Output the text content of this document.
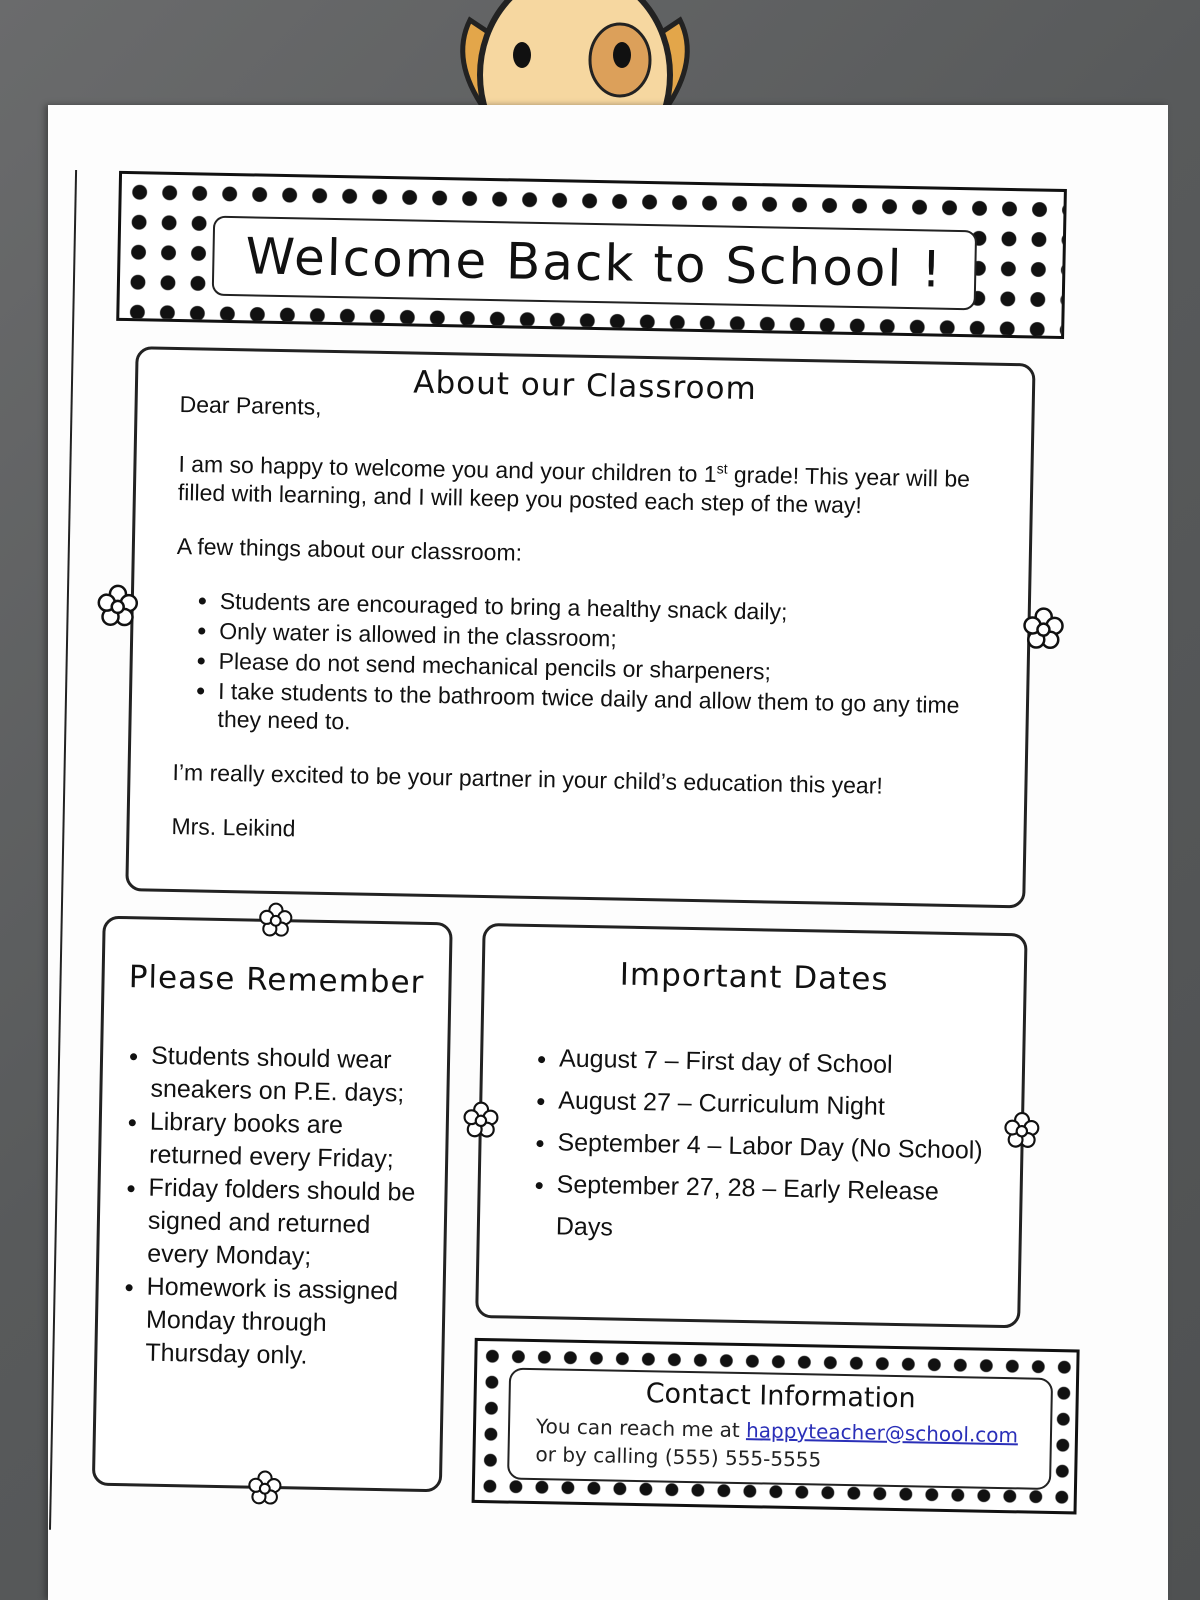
Welcome Back to School !
About our Classroom

Dear Parents,

I am so happy to welcome you and your children to 1st grade! This year will be filled with learning, and I will keep you posted each step of the way!

A few things about our classroom:

• Students are encouraged to bring a healthy snack daily;
• Only water is allowed in the classroom;
• Please do not send mechanical pencils or sharpeners;
• I take students to the bathroom twice daily and allow them to go any time they need to.

I’m really excited to be your partner in your child’s education this year!

Mrs. Leikind

Please Remember
• Students should wear sneakers on P.E. days;
• Library books are returned every Friday;
• Friday folders should be signed and returned every Monday;
• Homework is assigned Monday through Thursday only.
Important Dates
• August 7 – First day of School
• August 27 – Curriculum Night
• September 4 – Labor Day (No School)
• September 27, 28 – Early Release Days
Contact Information
You can reach me at happyteacher@school.com
or by calling (555) 555-5555
